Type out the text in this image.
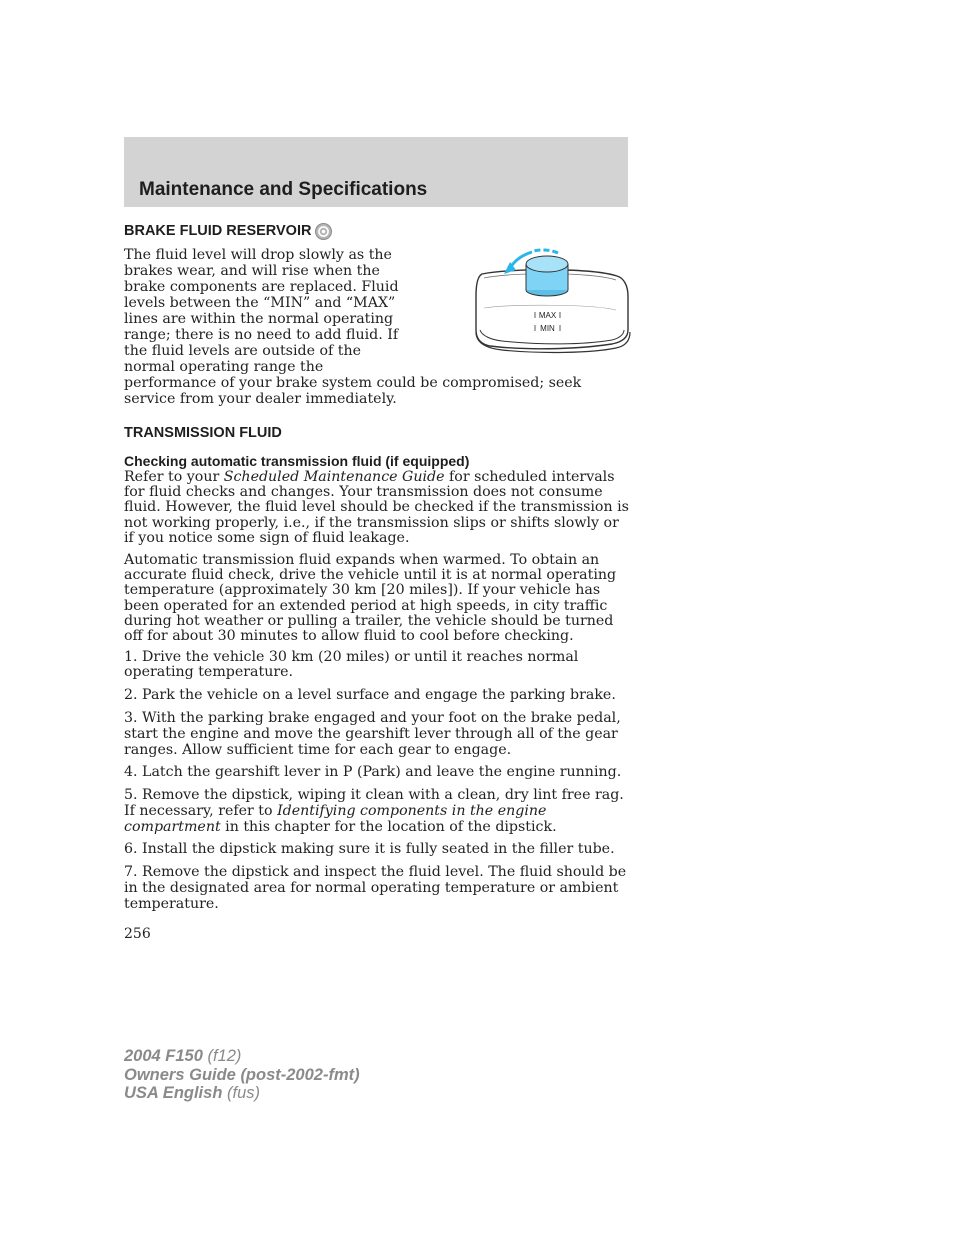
Maintenance and Specifications
BRAKE FLUID RESERVOIR
MAX
MIN

The fluid level will drop slowly as the brakes wear, and will rise when the brake components are replaced. Fluid levels between the “MIN” and “MAX” lines are within the normal operating range; there is no need to add fluid. If the fluid levels are outside of the normal operating range the performance of your brake system could be compromised; seek service from your dealer immediately.

TRANSMISSION FLUID
Checking automatic transmission fluid (if equipped)

Refer to your Scheduled Maintenance Guide for scheduled intervals for fluid checks and changes. Your transmission does not consume fluid. However, the fluid level should be checked if the transmission is not working properly, i.e., if the transmission slips or shifts slowly or if you notice some sign of fluid leakage.

Automatic transmission fluid expands when warmed. To obtain an accurate fluid check, drive the vehicle until it is at normal operating temperature (approximately 30 km [20 miles]). If your vehicle has been operated for an extended period at high speeds, in city traffic during hot weather or pulling a trailer, the vehicle should be turned off for about 30 minutes to allow fluid to cool before checking.

1. Drive the vehicle 30 km (20 miles) or until it reaches normal operating temperature.

2. Park the vehicle on a level surface and engage the parking brake.

3. With the parking brake engaged and your foot on the brake pedal, start the engine and move the gearshift lever through all of the gear ranges. Allow sufficient time for each gear to engage.

4. Latch the gearshift lever in P (Park) and leave the engine running.

5. Remove the dipstick, wiping it clean with a clean, dry lint free rag. If necessary, refer to Identifying components in the engine compartment in this chapter for the location of the dipstick.

6. Install the dipstick making sure it is fully seated in the filler tube.

7. Remove the dipstick and inspect the fluid level. The fluid should be in the designated area for normal operating temperature or ambient temperature.

256
2004 F150 (f12)
Owners Guide (post-2002-fmt)
USA English (fus)
